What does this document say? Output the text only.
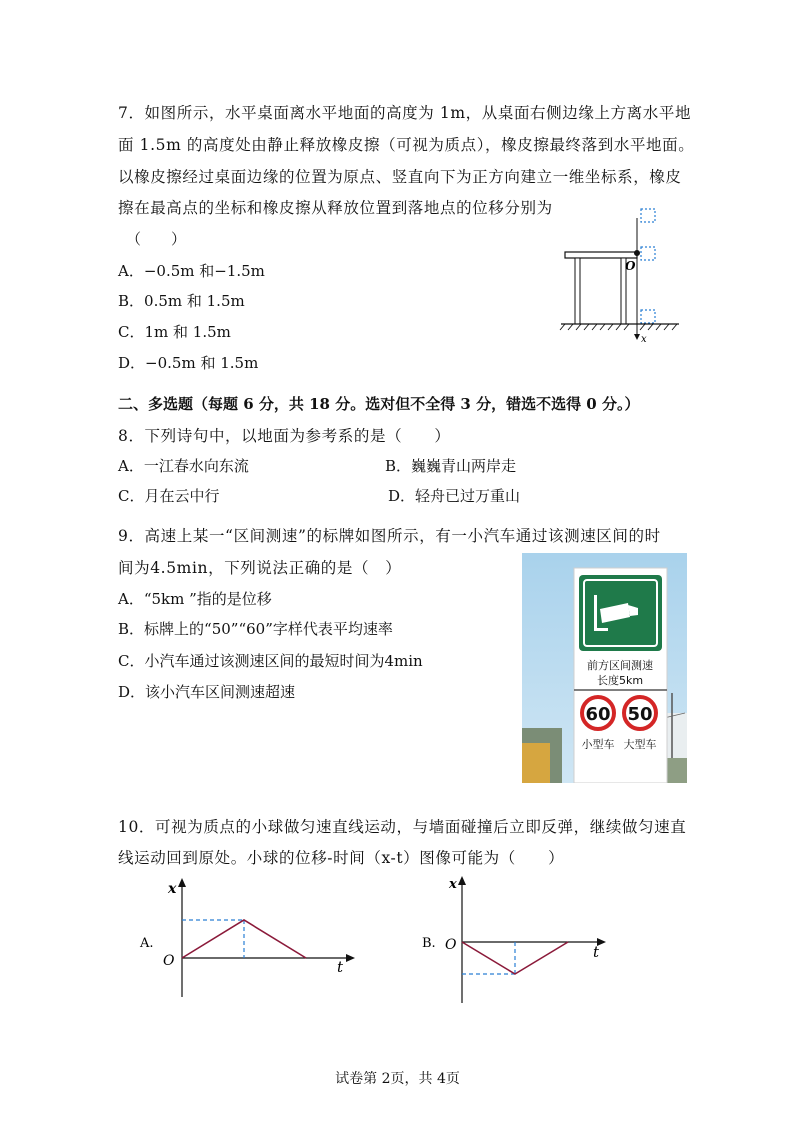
7．如图所示，水平桌面离水平地面的高度为 1m，从桌面右侧边缘上方离水平地
面 1.5m 的高度处由静止释放橡皮擦（可视为质点），橡皮擦最终落到水平地面。
以橡皮擦经过桌面边缘的位置为原点、竖直向下为正方向建立一维坐标系，橡皮
擦在最高点的坐标和橡皮擦从释放位置到落地点的位移分别为
（　　）
A．−0.5m 和−1.5m
B．0.5m 和 1.5m
C．1m 和 1.5m
D．−0.5m 和 1.5m
O
x
二、多选题（每题 6 分，共 18 分。选对但不全得 3 分，错选不选得 0 分。）
8．下列诗句中，以地面为参考系的是（　　）
A．一江春水向东流	B．巍巍青山两岸走
C．月在云中行	D．轻舟已过万重山
9．高速上某一“区间测速”的标牌如图所示，有一小汽车通过该测速区间的时
间为4.5min，下列说法正确的是（　）
A．“5km ”指的是位移
B．标牌上的“50”“60”字样代表平均速率
C．小汽车通过该测速区间的最短时间为4min
D．该小汽车区间测速超速
前方区间测速
长度5km
60 50
小型车 大型车
10．可视为质点的小球做匀速直线运动，与墙面碰撞后立即反弹，继续做匀速直
线运动回到原处。小球的位移-时间（x-t）图像可能为（　　）
A.
x
t
O
B.
x
t
O
试卷第 2页，共 4页
